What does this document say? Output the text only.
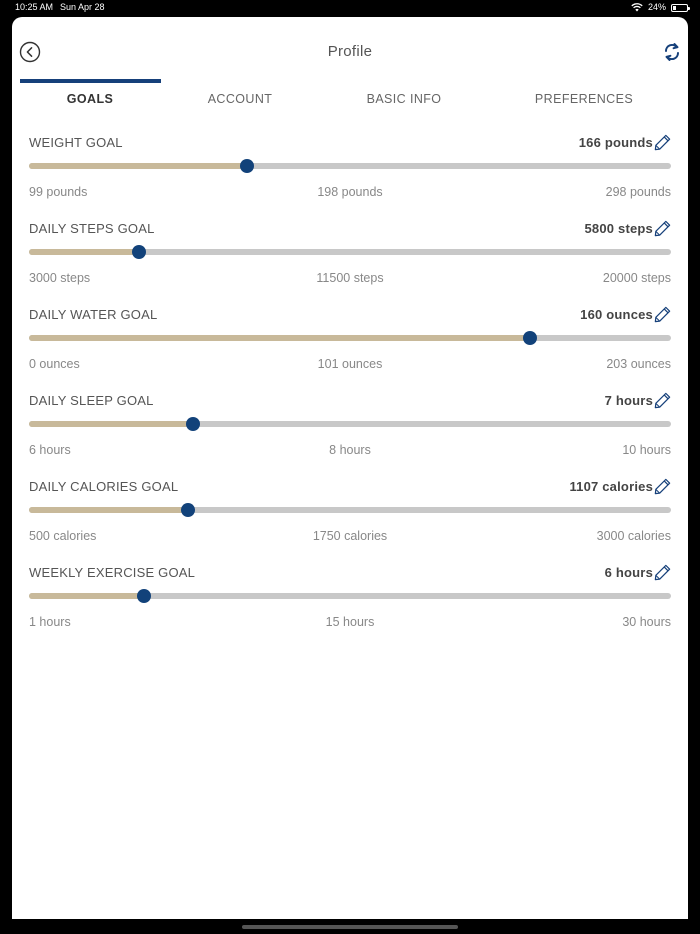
10:25 AM Sun Apr 28	24%
Profile
GOALS	ACCOUNT	BASIC INFO	PREFERENCES
WEIGHT GOAL	166 pounds
99 pounds	198 pounds	298 pounds
DAILY STEPS GOAL	5800 steps
3000 steps	11500 steps	20000 steps
DAILY WATER GOAL	160 ounces
0 ounces	101 ounces	203 ounces
DAILY SLEEP GOAL	7 hours
6 hours	8 hours	10 hours
DAILY CALORIES GOAL	1107 calories
500 calories	1750 calories	3000 calories
WEEKLY EXERCISE GOAL	6 hours
1 hours	15 hours	30 hours
